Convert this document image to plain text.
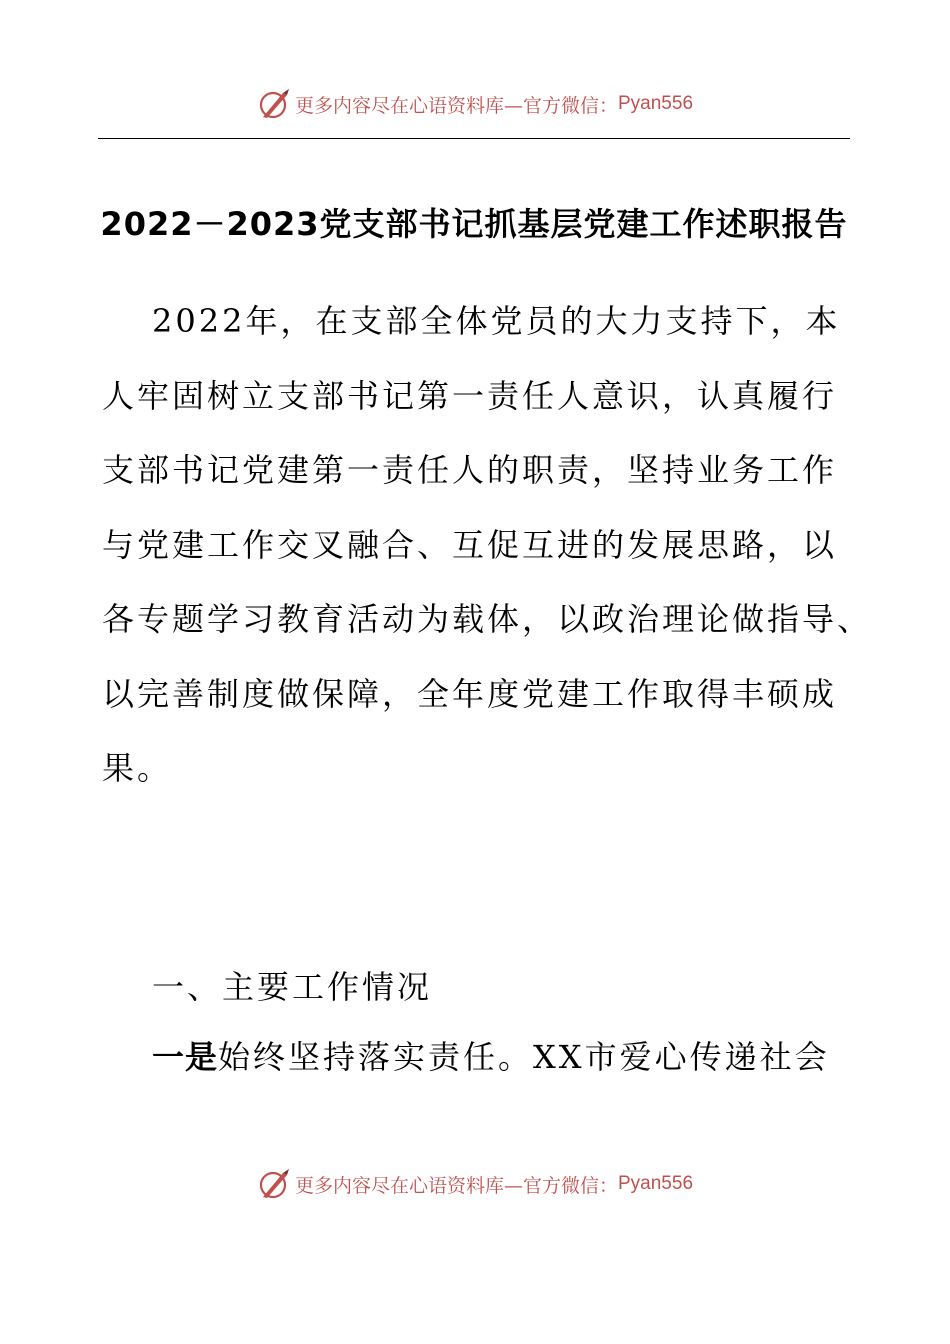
更多内容尽在心语资料库—官方微信： Pyan556
2022－2023党支部书记抓基层党建工作述职报告
2022年，在支部全体党员的大力支持下，本
人牢固树立支部书记第一责任人意识，认真履行
支部书记党建第一责任人的职责，坚持业务工作
与党建工作交叉融合、互促互进的发展思路，以
各专题学习教育活动为载体，以政治理论做指导、
以完善制度做保障，全年度党建工作取得丰硕成
果。
一、主要工作情况
一是始终坚持落实责任。XX市爱心传递社会
更多内容尽在心语资料库—官方微信： Pyan556
